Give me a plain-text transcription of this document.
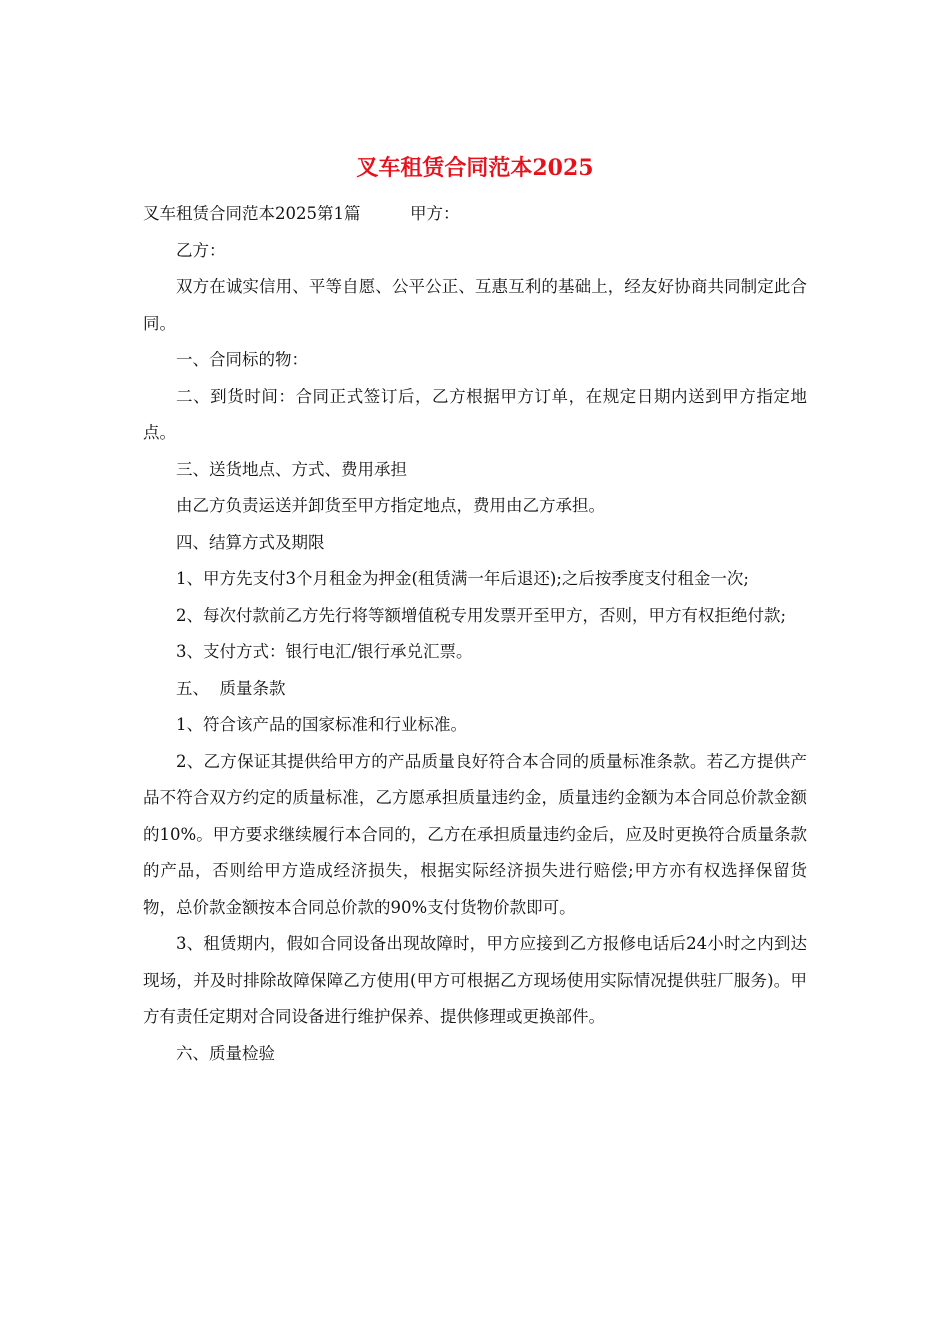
叉车租赁合同范本2025

叉车租赁合同范本2025第1篇	甲方：

乙方：

双方在诚实信用、平等自愿、公平公正、互惠互利的基础上，经友好协商共同制定此合同。

一、合同标的物：

二、到货时间：合同正式签订后，乙方根据甲方订单，在规定日期内送到甲方指定地点。

三、送货地点、方式、费用承担

由乙方负责运送并卸货至甲方指定地点，费用由乙方承担。

四、结算方式及期限

1、甲方先支付3个月租金为押金(租赁满一年后退还);之后按季度支付租金一次;

2、每次付款前乙方先行将等额增值税专用发票开至甲方，否则，甲方有权拒绝付款;

3、支付方式：银行电汇/银行承兑汇票。

五、  质量条款

1、符合该产品的国家标准和行业标准。

2、乙方保证其提供给甲方的产品质量良好符合本合同的质量标准条款。若乙方提供产品不符合双方约定的质量标准，乙方愿承担质量违约金，质量违约金额为本合同总价款金额的10%。甲方要求继续履行本合同的，乙方在承担质量违约金后，应及时更换符合质量条款的产品，否则给甲方造成经济损失，根据实际经济损失进行赔偿;甲方亦有权选择保留货物，总价款金额按本合同总价款的90%支付货物价款即可。

3、租赁期内，假如合同设备出现故障时，甲方应接到乙方报修电话后24小时之内到达现场，并及时排除故障保障乙方使用(甲方可根据乙方现场使用实际情况提供驻厂服务)。甲方有责任定期对合同设备进行维护保养、提供修理或更换部件。

六、质量检验
